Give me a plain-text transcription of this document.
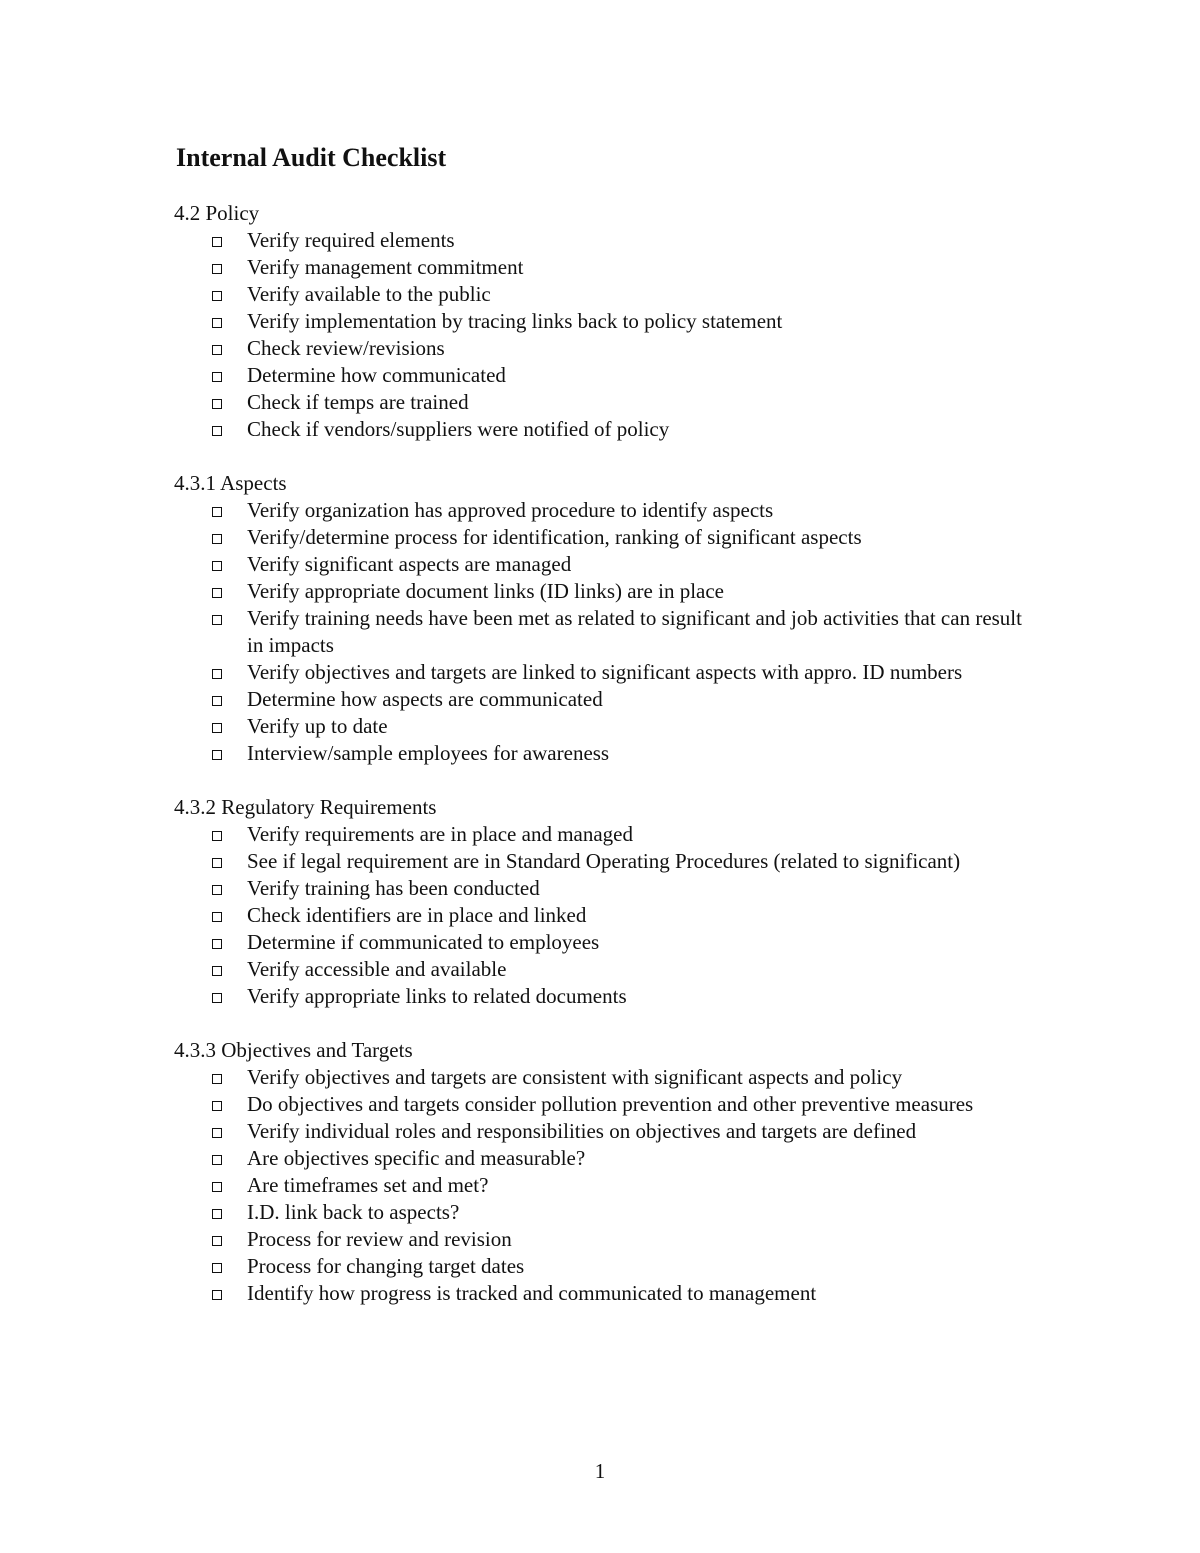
Internal Audit Checklist
4.2 Policy
Verify required elements
Verify management commitment
Verify available to the public
Verify implementation by tracing links back to policy statement
Check review/revisions
Determine how communicated
Check if temps are trained
Check if vendors/suppliers were notified of policy
4.3.1 Aspects
Verify organization has approved procedure to identify aspects
Verify/determine process for identification, ranking of significant aspects
Verify significant aspects are managed
Verify appropriate document links (ID links) are in place
Verify training needs have been met as related to significant and job activities that can result in impacts
Verify objectives and targets are linked to significant aspects with appro. ID numbers
Determine how aspects are communicated
Verify up to date
Interview/sample employees for awareness
4.3.2 Regulatory Requirements
Verify requirements are in place and managed
See if legal requirement are in Standard Operating Procedures (related to significant)
Verify training has been conducted
Check identifiers are in place and linked
Determine if communicated to employees
Verify accessible and available
Verify appropriate links to related documents
4.3.3 Objectives and Targets
Verify objectives and targets are consistent with significant aspects and policy
Do objectives and targets consider pollution prevention and other preventive measures
Verify individual roles and responsibilities on objectives and targets are defined
Are objectives specific and measurable?
Are timeframes set and met?
I.D. link back to aspects?
Process for review and revision
Process for changing target dates
Identify how progress is tracked and communicated to management
1
